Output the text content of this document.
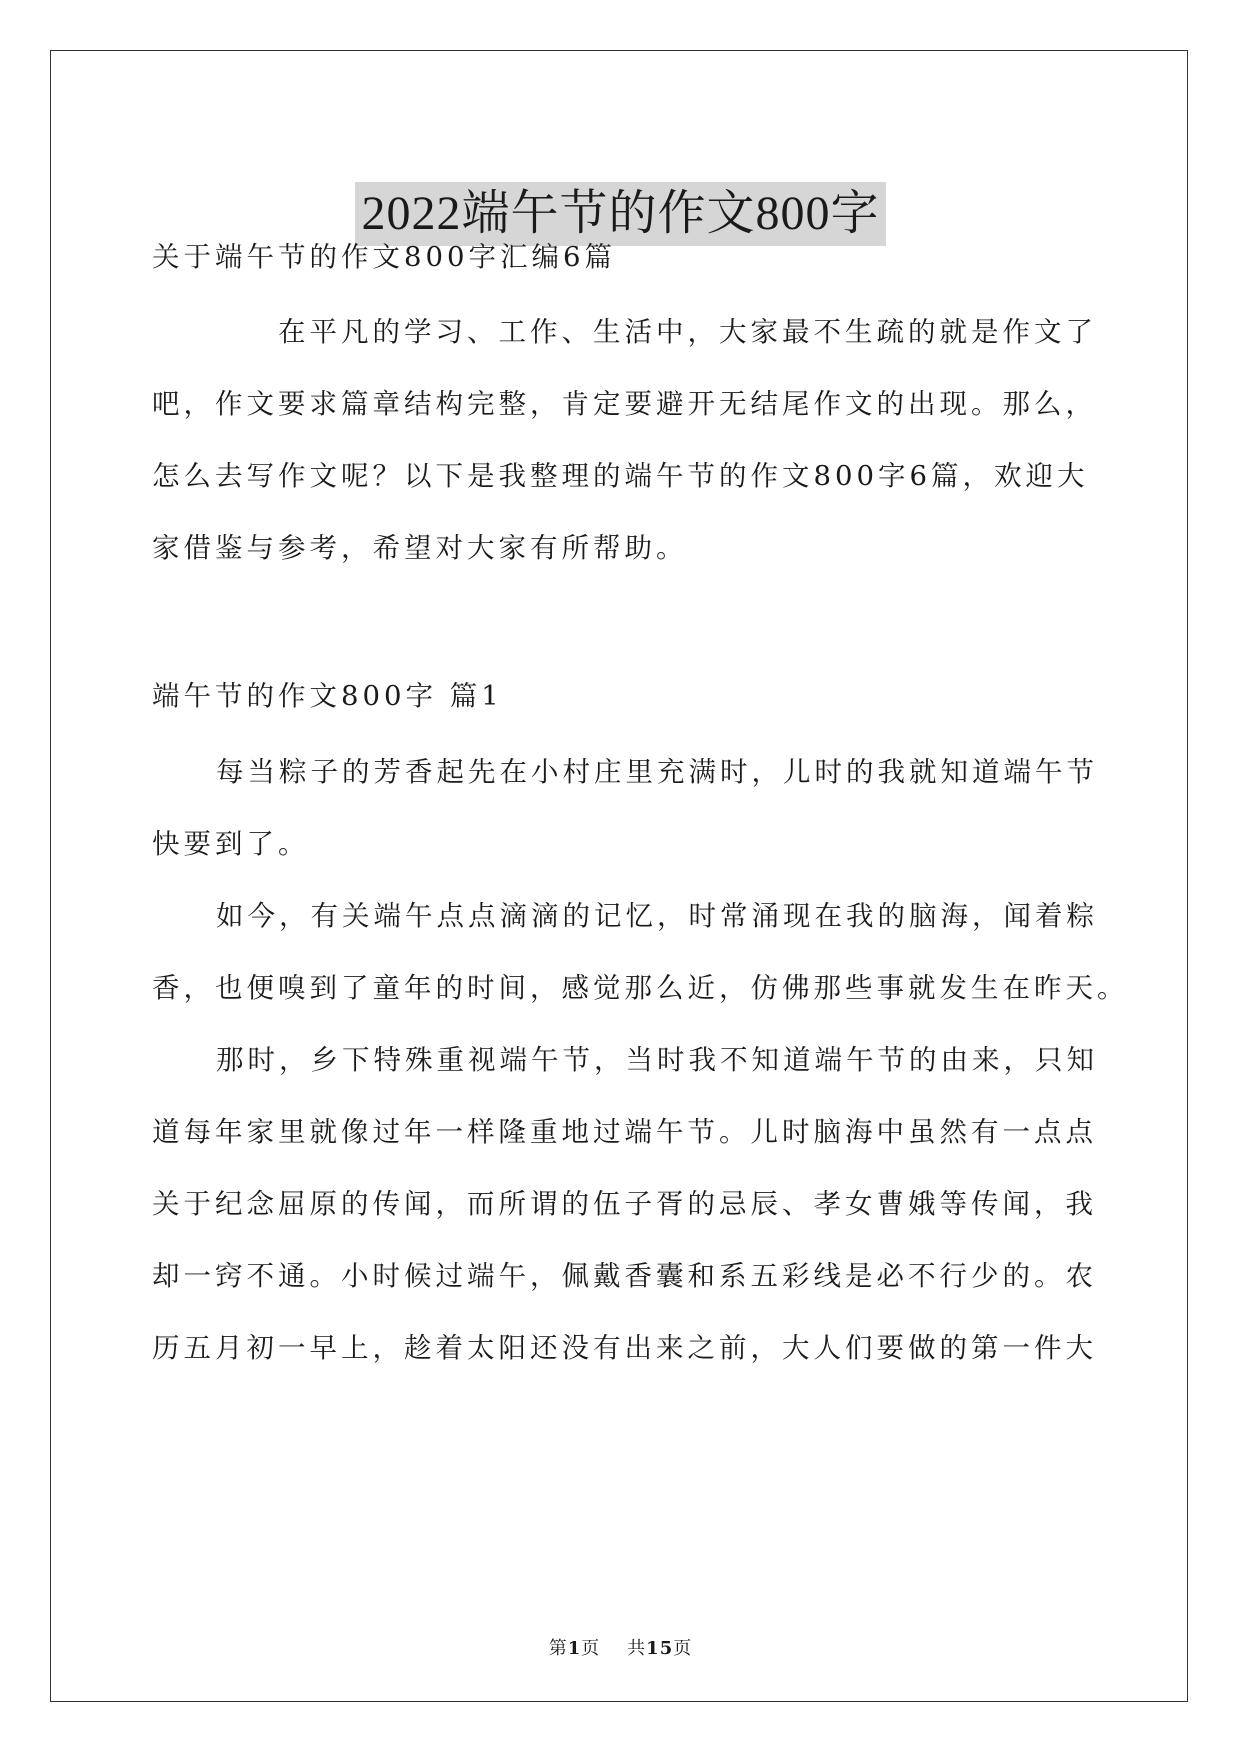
2022端午节的作文800字
关于端午节的作文800字汇编6篇
在平凡的学习、工作、生活中，大家最不生疏的就是作文了
吧，作文要求篇章结构完整，肯定要避开无结尾作文的出现。那么，
怎么去写作文呢？以下是我整理的端午节的作文800字6篇，欢迎大
家借鉴与参考，希望对大家有所帮助。
端午节的作文800字 篇1
每当粽子的芳香起先在小村庄里充满时，儿时的我就知道端午节
快要到了。
如今，有关端午点点滴滴的记忆，时常涌现在我的脑海，闻着粽
香，也便嗅到了童年的时间，感觉那么近，仿佛那些事就发生在昨天。
那时，乡下特殊重视端午节，当时我不知道端午节的由来，只知
道每年家里就像过年一样隆重地过端午节。儿时脑海中虽然有一点点
关于纪念屈原的传闻，而所谓的伍子胥的忌辰、孝女曹娥等传闻，我
却一窍不通。小时候过端午，佩戴香囊和系五彩线是必不行少的。农
历五月初一早上，趁着太阳还没有出来之前，大人们要做的第一件大
第1页 共15页
